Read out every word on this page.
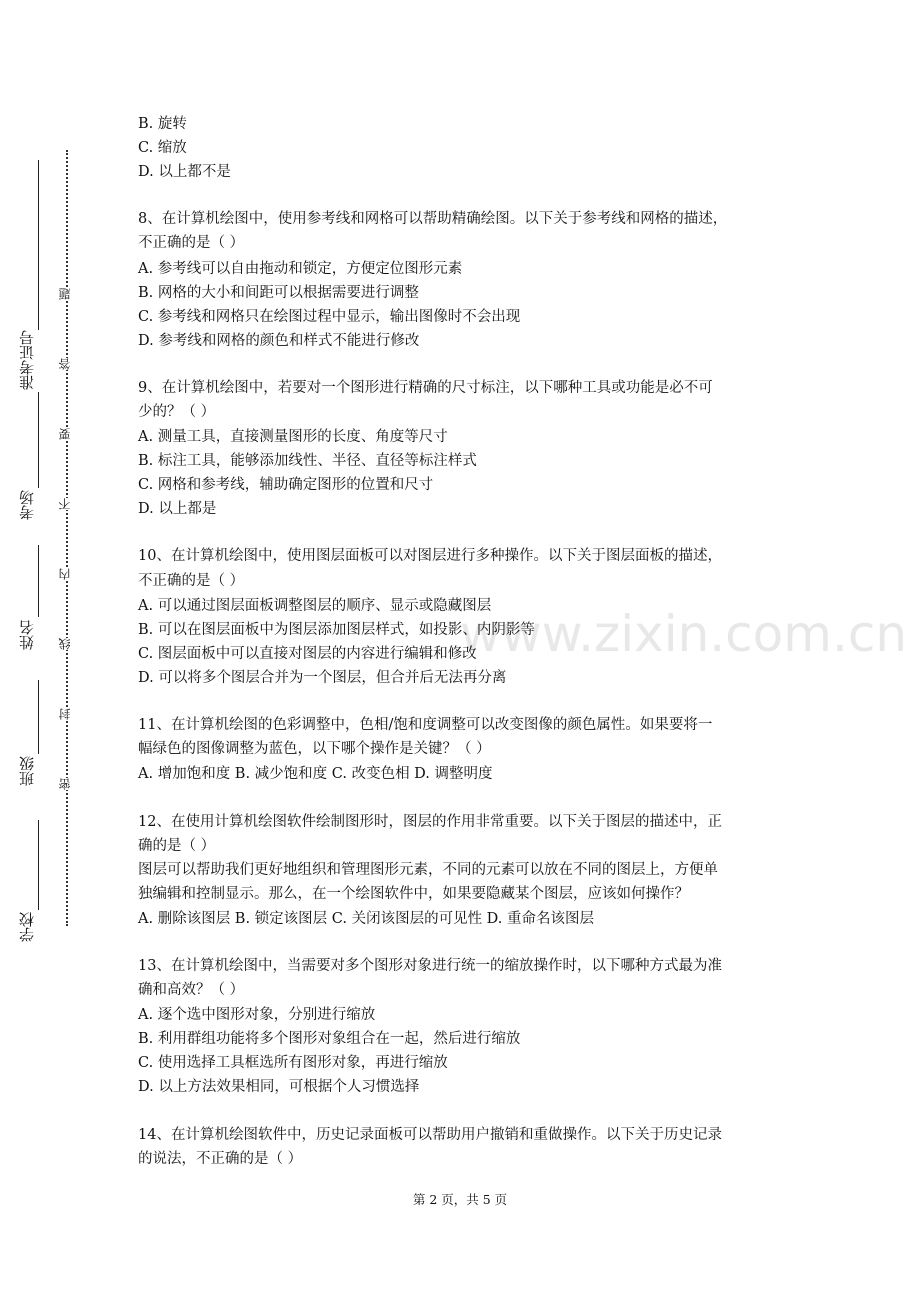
准考证号
考场
姓名
班级
学校
题
答
要
不
内
线
封
密
www.zixin.com.cn

B. 旋转

C. 缩放

D. 以上都不是

8、在计算机绘图中，使用参考线和网格可以帮助精确绘图。以下关于参考线和网格的描述，

不正确的是（ ）

A. 参考线可以自由拖动和锁定，方便定位图形元素

B. 网格的大小和间距可以根据需要进行调整

C. 参考线和网格只在绘图过程中显示，输出图像时不会出现

D. 参考线和网格的颜色和样式不能进行修改

9、在计算机绘图中，若要对一个图形进行精确的尺寸标注，以下哪种工具或功能是必不可

少的？（ ）

A. 测量工具，直接测量图形的长度、角度等尺寸

B. 标注工具，能够添加线性、半径、直径等标注样式

C. 网格和参考线，辅助确定图形的位置和尺寸

D. 以上都是

10、在计算机绘图中，使用图层面板可以对图层进行多种操作。以下关于图层面板的描述，

不正确的是（ ）

A. 可以通过图层面板调整图层的顺序、显示或隐藏图层

B. 可以在图层面板中为图层添加图层样式，如投影、内阴影等

C. 图层面板中可以直接对图层的内容进行编辑和修改

D. 可以将多个图层合并为一个图层，但合并后无法再分离

11、在计算机绘图的色彩调整中，色相/饱和度调整可以改变图像的颜色属性。如果要将一

幅绿色的图像调整为蓝色，以下哪个操作是关键？（ ）

A. 增加饱和度 B. 减少饱和度 C. 改变色相 D. 调整明度

12、在使用计算机绘图软件绘制图形时，图层的作用非常重要。以下关于图层的描述中，正

确的是（ ）

图层可以帮助我们更好地组织和管理图形元素，不同的元素可以放在不同的图层上，方便单

独编辑和控制显示。那么，在一个绘图软件中，如果要隐藏某个图层，应该如何操作？

A. 删除该图层 B. 锁定该图层 C. 关闭该图层的可见性 D. 重命名该图层

13、在计算机绘图中，当需要对多个图形对象进行统一的缩放操作时，以下哪种方式最为准

确和高效？（ ）

A. 逐个选中图形对象，分别进行缩放

B. 利用群组功能将多个图形对象组合在一起，然后进行缩放

C. 使用选择工具框选所有图形对象，再进行缩放

D. 以上方法效果相同，可根据个人习惯选择

14、在计算机绘图软件中，历史记录面板可以帮助用户撤销和重做操作。以下关于历史记录

的说法，不正确的是（ ）

第 2 页，共 5 页
